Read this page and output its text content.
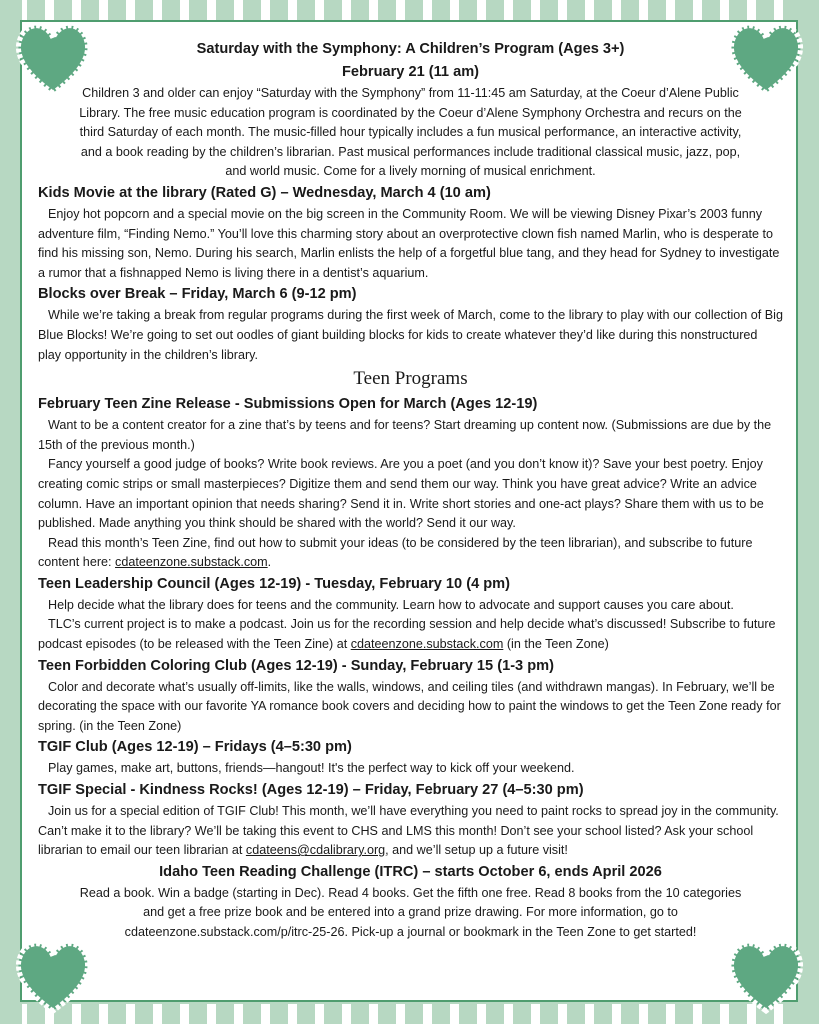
Saturday with the Symphony: A Children’s Program (Ages 3+)
February 21 (11 am)

Children 3 and older can enjoy “Saturday with the Symphony” from 11-11:45 am Saturday, at the Coeur d’Alene Public Library. The free music education program is coordinated by the Coeur d’Alene Symphony Orchestra and recurs on the third Saturday of each month. The music-filled hour typically includes a fun musical performance, an interactive activity, and a book reading by the children’s librarian. Past musical performances include traditional classical music, jazz, pop, and world music. Come for a lively morning of musical enrichment.

Kids Movie at the library (Rated G) – Wednesday, March 4 (10 am)

Enjoy hot popcorn and a special movie on the big screen in the Community Room. We will be viewing Disney Pixar’s 2003 funny adventure film, “Finding Nemo.” You’ll love this charming story about an overprotective clown fish named Marlin, who is desperate to find his missing son, Nemo. During his search, Marlin enlists the help of a forgetful blue tang, and they head for Sydney to investigate a rumor that a fishnapped Nemo is living there in a dentist’s aquarium.

Blocks over Break – Friday, March 6 (9-12 pm)

While we’re taking a break from regular programs during the first week of March, come to the library to play with our collection of Big Blue Blocks! We’re going to set out oodles of giant building blocks for kids to create whatever they’d like during this nonstructured play opportunity in the children’s library.

Teen Programs
February Teen Zine Release - Submissions Open for March (Ages 12-19)

Want to be a content creator for a zine that’s by teens and for teens? Start dreaming up content now. (Submissions are due by the 15th of the previous month.)

Fancy yourself a good judge of books? Write book reviews. Are you a poet (and you don’t know it)? Save your best poetry. Enjoy creating comic strips or small masterpieces? Digitize them and send them our way. Think you have great advice? Write an advice column. Have an important opinion that needs sharing? Send it in. Write short stories and one-act plays? Share them with us to be published. Made anything you think should be shared with the world? Send it our way.

Read this month’s Teen Zine, find out how to submit your ideas (to be considered by the teen librarian), and subscribe to future content here: cdateenzone.substack.com.

Teen Leadership Council (Ages 12-19) - Tuesday, February 10 (4 pm)

Help decide what the library does for teens and the community. Learn how to advocate and support causes you care about.

TLC’s current project is to make a podcast. Join us for the recording session and help decide what’s discussed! Subscribe to future podcast episodes (to be released with the Teen Zine) at cdateenzone.substack.com (in the Teen Zone)

Teen Forbidden Coloring Club (Ages 12-19) - Sunday, February 15 (1-3 pm)

Color and decorate what’s usually off-limits, like the walls, windows, and ceiling tiles (and withdrawn mangas). In February, we’ll be decorating the space with our favorite YA romance book covers and deciding how to paint the windows to get the Teen Zone ready for spring. (in the Teen Zone)

TGIF Club (Ages 12-19) – Fridays (4–5:30 pm)

Play games, make art, buttons, friends—hangout! It's the perfect way to kick off your weekend.

TGIF Special - Kindness Rocks! (Ages 12-19) – Friday, February 27 (4–5:30 pm)

Join us for a special edition of TGIF Club! This month, we’ll have everything you need to paint rocks to spread joy in the community. Can’t make it to the library? We’ll be taking this event to CHS and LMS this month! Don’t see your school listed? Ask your school librarian to email our teen librarian at cdateens@cdalibrary.org, and we’ll setup up a future visit!

Idaho Teen Reading Challenge (ITRC) – starts October 6, ends April 2026

Read a book. Win a badge (starting in Dec). Read 4 books. Get the fifth one free. Read 8 books from the 10 categories and get a free prize book and be entered into a grand prize drawing. For more information, go to cdateenzone.substack.com/p/itrc-25-26. Pick-up a journal or bookmark in the Teen Zone to get started!
